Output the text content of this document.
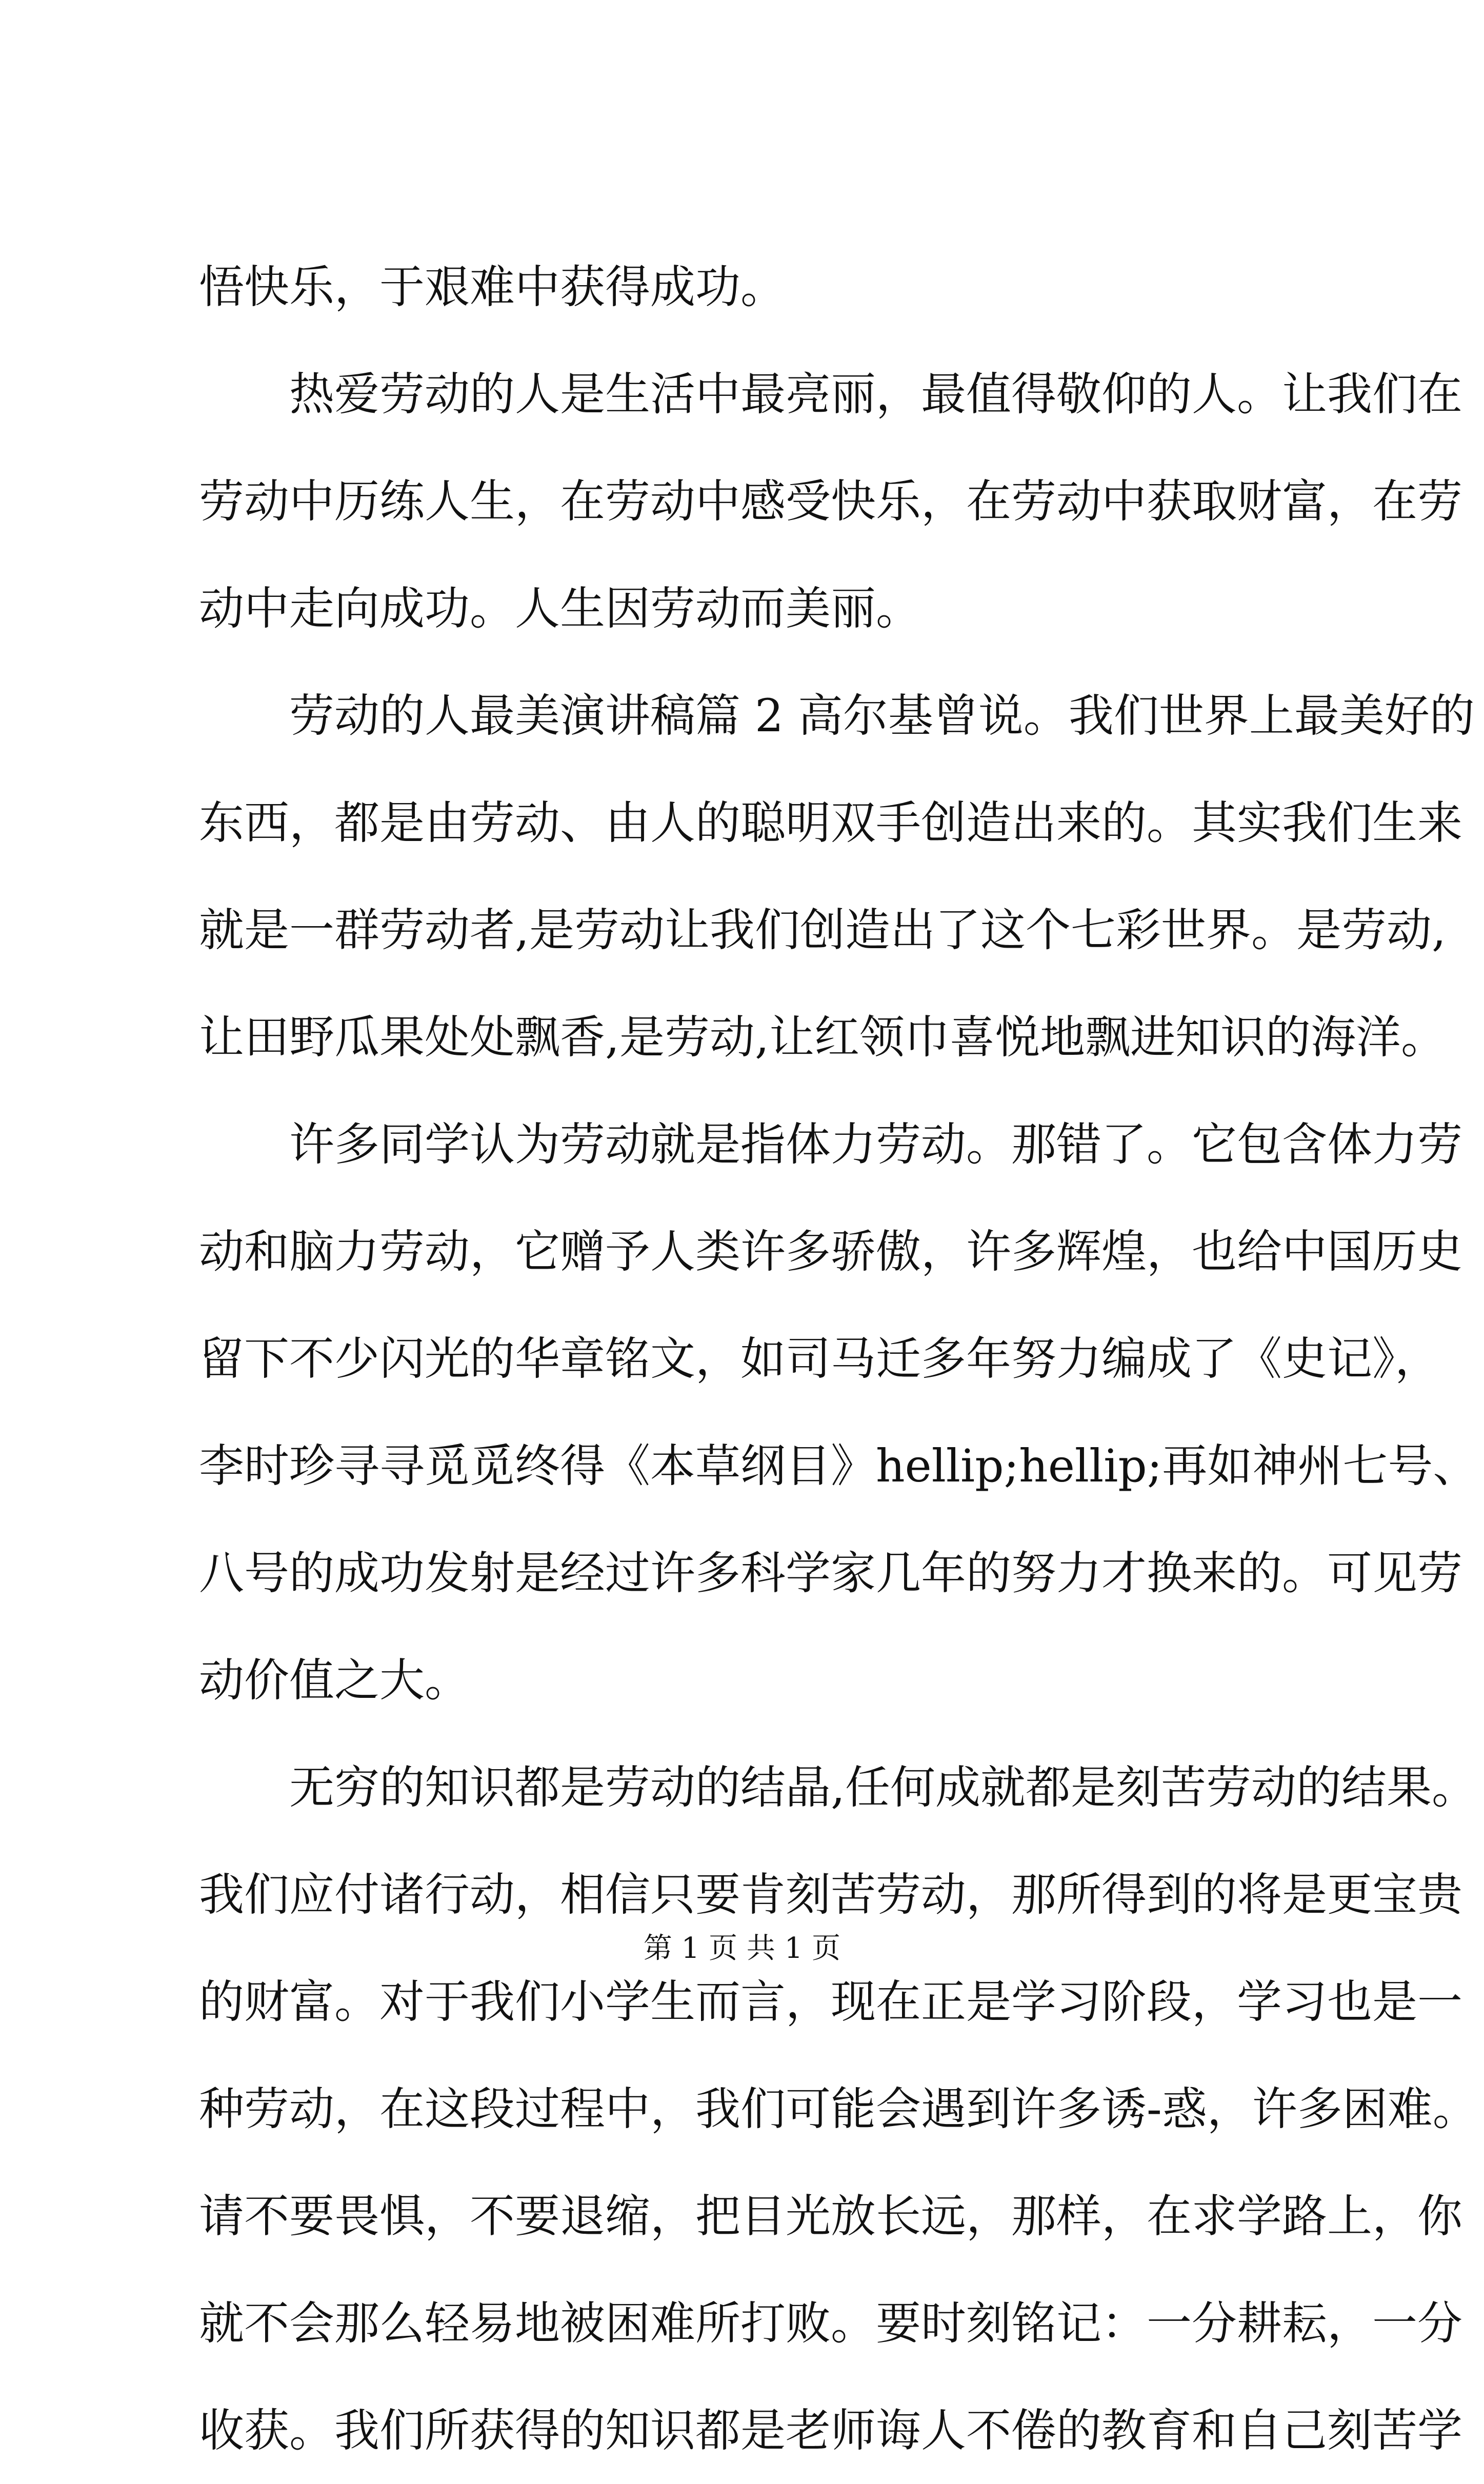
悟快乐，于艰难中获得成功。
热爱劳动的人是生活中最亮丽，最值得敬仰的人。让我们在
劳动中历练人生，在劳动中感受快乐，在劳动中获取财富，在劳
动中走向成功。人生因劳动而美丽。
劳动的人最美演讲稿篇 2 高尔基曾说。我们世界上最美好的
东西，都是由劳动、由人的聪明双手创造出来的。其实我们生来
就是一群劳动者,是劳动让我们创造出了这个七彩世界。是劳动,
让田野瓜果处处飘香,是劳动,让红领巾喜悦地飘进知识的海洋。
许多同学认为劳动就是指体力劳动。那错了。它包含体力劳
动和脑力劳动，它赠予人类许多骄傲，许多辉煌，也给中国历史
留下不少闪光的华章铭文，如司马迁多年努力编成了《史记》，
李时珍寻寻觅觅终得《本草纲目》hellip;hellip;再如神州七号、
八号的成功发射是经过许多科学家几年的努力才换来的。可见劳
动价值之大。
无穷的知识都是劳动的结晶,任何成就都是刻苦劳动的结果。
我们应付诸行动，相信只要肯刻苦劳动，那所得到的将是更宝贵
的财富。对于我们小学生而言，现在正是学习阶段，学习也是一
种劳动，在这段过程中，我们可能会遇到许多诱-惑，许多困难。
请不要畏惧，不要退缩，把目光放长远，那样，在求学路上，你
就不会那么轻易地被困难所打败。要时刻铭记：一分耕耘，一分
收获。我们所获得的知识都是老师诲人不倦的教育和自己刻苦学
第 1 页 共 1 页
